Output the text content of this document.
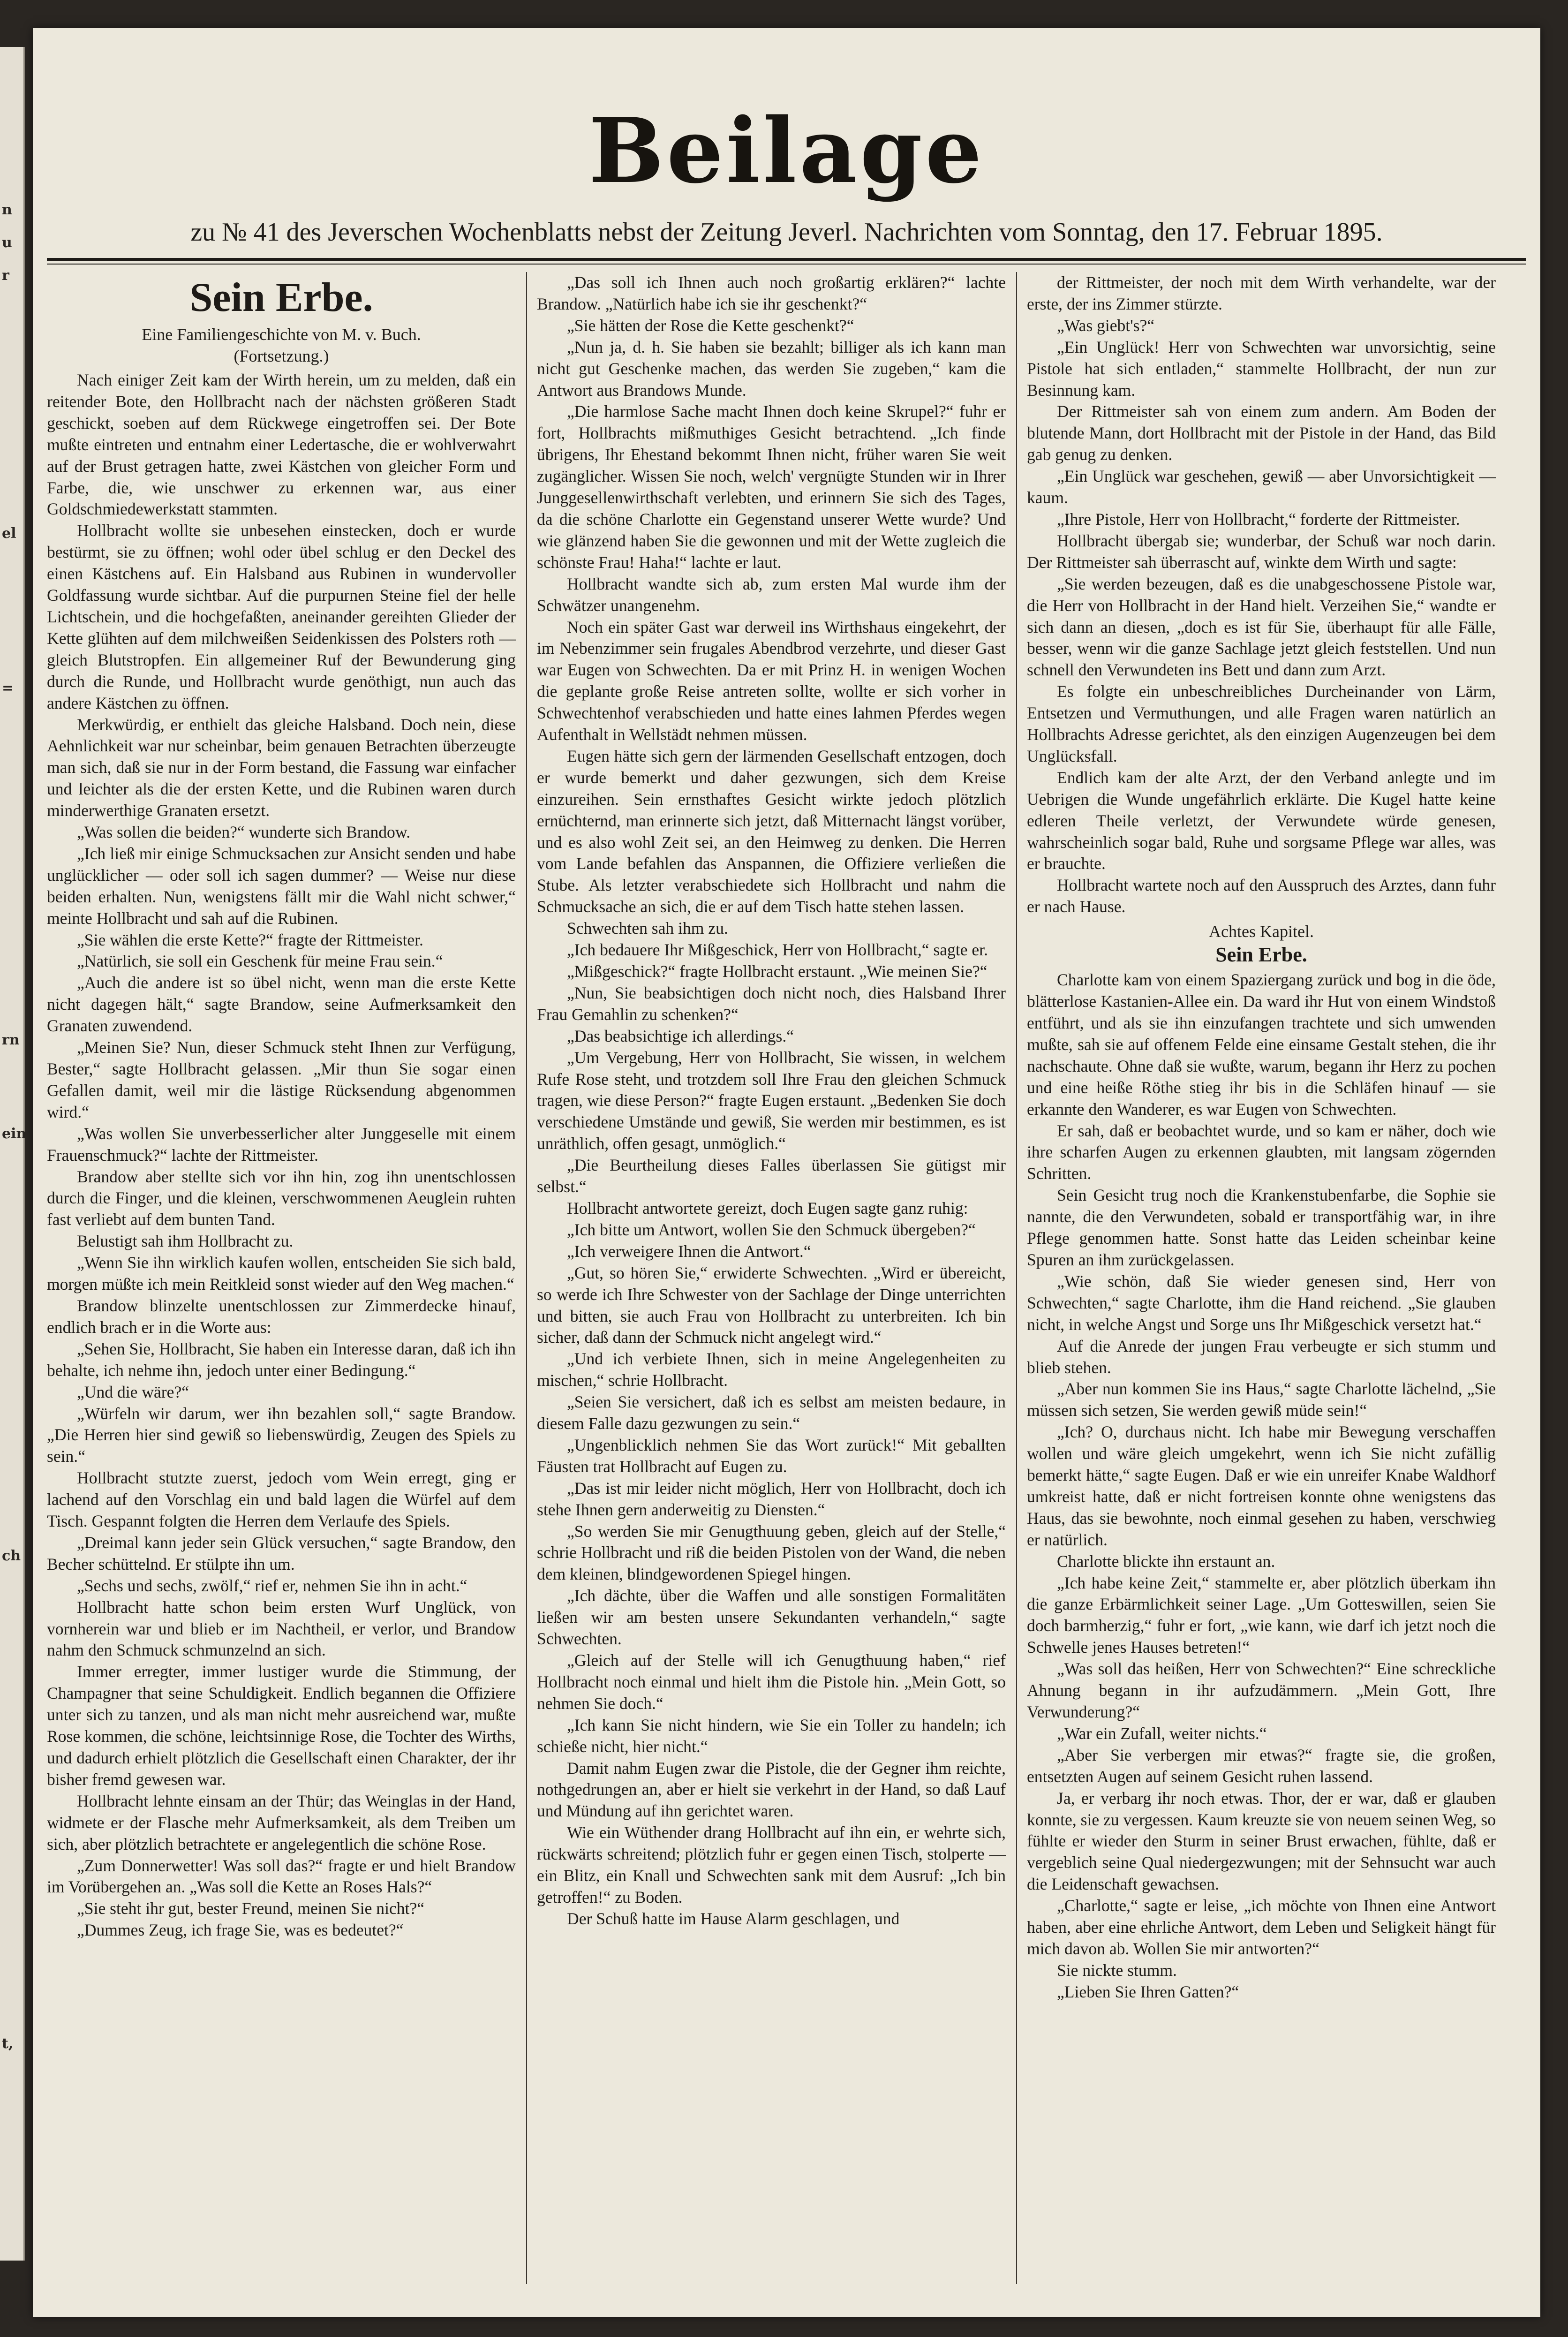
n
u
r
el
=
rn
ein
ch
t,
Beilage
zu № 41 des Jeverschen Wochenblatts nebst der Zeitung Jeverl. Nachrichten vom Sonntag, den 17. Februar 1895.

Sein Erbe.

Eine Familiengeschichte von M. v. Buch.

(Fortsetzung.)

Nach einiger Zeit kam der Wirth herein, um zu melden, daß ein reitender Bote, den Hollbracht nach der nächsten größeren Stadt geschickt, soeben auf dem Rückwege eingetroffen sei. Der Bote mußte eintreten und entnahm einer Ledertasche, die er wohlverwahrt auf der Brust getragen hatte, zwei Kästchen von gleicher Form und Farbe, die, wie unschwer zu erkennen war, aus einer Goldschmiedewerkstatt stammten.

Hollbracht wollte sie unbesehen einstecken, doch er wurde bestürmt, sie zu öffnen; wohl oder übel schlug er den Deckel des einen Kästchens auf. Ein Halsband aus Rubinen in wundervoller Goldfassung wurde sichtbar. Auf die purpurnen Steine fiel der helle Lichtschein, und die hochgefaßten, aneinander gereihten Glieder der Kette glühten auf dem milchweißen Seidenkissen des Polsters roth — gleich Blutstropfen. Ein allgemeiner Ruf der Bewunderung ging durch die Runde, und Hollbracht wurde genöthigt, nun auch das andere Kästchen zu öffnen.

Merkwürdig, er enthielt das gleiche Halsband. Doch nein, diese Aehnlichkeit war nur scheinbar, beim genauen Betrachten überzeugte man sich, daß sie nur in der Form bestand, die Fassung war einfacher und leichter als die der ersten Kette, und die Rubinen waren durch minderwerthige Granaten ersetzt.

„Was sollen die beiden?“ wunderte sich Brandow.

„Ich ließ mir einige Schmucksachen zur Ansicht senden und habe unglücklicher — oder soll ich sagen dummer? — Weise nur diese beiden erhalten. Nun, wenigstens fällt mir die Wahl nicht schwer,“ meinte Hollbracht und sah auf die Rubinen.

„Sie wählen die erste Kette?“ fragte der Rittmeister.

„Natürlich, sie soll ein Geschenk für meine Frau sein.“

„Auch die andere ist so übel nicht, wenn man die erste Kette nicht dagegen hält,“ sagte Brandow, seine Aufmerksamkeit den Granaten zuwendend.

„Meinen Sie? Nun, dieser Schmuck steht Ihnen zur Verfügung, Bester,“ sagte Hollbracht gelassen. „Mir thun Sie sogar einen Gefallen damit, weil mir die lästige Rücksendung abgenommen wird.“

„Was wollen Sie unverbesserlicher alter Junggeselle mit einem Frauenschmuck?“ lachte der Rittmeister.

Brandow aber stellte sich vor ihn hin, zog ihn unentschlossen durch die Finger, und die kleinen, verschwommenen Aeuglein ruhten fast verliebt auf dem bunten Tand.

Belustigt sah ihm Hollbracht zu.

„Wenn Sie ihn wirklich kaufen wollen, entscheiden Sie sich bald, morgen müßte ich mein Reitkleid sonst wieder auf den Weg machen.“

Brandow blinzelte unentschlossen zur Zimmerdecke hinauf, endlich brach er in die Worte aus:

„Sehen Sie, Hollbracht, Sie haben ein Interesse daran, daß ich ihn behalte, ich nehme ihn, jedoch unter einer Bedingung.“

„Und die wäre?“

„Würfeln wir darum, wer ihn bezahlen soll,“ sagte Brandow. „Die Herren hier sind gewiß so liebenswürdig, Zeugen des Spiels zu sein.“

Hollbracht stutzte zuerst, jedoch vom Wein erregt, ging er lachend auf den Vorschlag ein und bald lagen die Würfel auf dem Tisch. Gespannt folgten die Herren dem Verlaufe des Spiels.

„Dreimal kann jeder sein Glück versuchen,“ sagte Brandow, den Becher schüttelnd. Er stülpte ihn um.

„Sechs und sechs, zwölf,“ rief er, nehmen Sie ihn in acht.“

Hollbracht hatte schon beim ersten Wurf Unglück, von vornherein war und blieb er im Nachtheil, er verlor, und Brandow nahm den Schmuck schmunzelnd an sich.

Immer erregter, immer lustiger wurde die Stimmung, der Champagner that seine Schuldigkeit. Endlich begannen die Offiziere unter sich zu tanzen, und als man nicht mehr ausreichend war, mußte Rose kommen, die schöne, leichtsinnige Rose, die Tochter des Wirths, und dadurch erhielt plötzlich die Gesellschaft einen Charakter, der ihr bisher fremd gewesen war.

Hollbracht lehnte einsam an der Thür; das Weinglas in der Hand, widmete er der Flasche mehr Aufmerksamkeit, als dem Treiben um sich, aber plötzlich betrachtete er angelegentlich die schöne Rose.

„Zum Donnerwetter! Was soll das?“ fragte er und hielt Brandow im Vorübergehen an. „Was soll die Kette an Roses Hals?“

„Sie steht ihr gut, bester Freund, meinen Sie nicht?“

„Dummes Zeug, ich frage Sie, was es bedeutet?“

„Das soll ich Ihnen auch noch großartig erklären?“ lachte Brandow. „Natürlich habe ich sie ihr geschenkt?“

„Sie hätten der Rose die Kette geschenkt?“

„Nun ja, d. h. Sie haben sie bezahlt; billiger als ich kann man nicht gut Geschenke machen, das werden Sie zugeben,“ kam die Antwort aus Brandows Munde.

„Die harmlose Sache macht Ihnen doch keine Skrupel?“ fuhr er fort, Hollbrachts mißmuthiges Gesicht betrachtend. „Ich finde übrigens, Ihr Ehestand bekommt Ihnen nicht, früher waren Sie weit zugänglicher. Wissen Sie noch, welch' vergnügte Stunden wir in Ihrer Junggesellenwirthschaft verlebten, und erinnern Sie sich des Tages, da die schöne Charlotte ein Gegenstand unserer Wette wurde? Und wie glänzend haben Sie die gewonnen und mit der Wette zugleich die schönste Frau! Haha!“ lachte er laut.

Hollbracht wandte sich ab, zum ersten Mal wurde ihm der Schwätzer unangenehm.

Noch ein später Gast war derweil ins Wirthshaus eingekehrt, der im Nebenzimmer sein frugales Abendbrod verzehrte, und dieser Gast war Eugen von Schwechten. Da er mit Prinz H. in wenigen Wochen die geplante große Reise antreten sollte, wollte er sich vorher in Schwechtenhof verabschieden und hatte eines lahmen Pferdes wegen Aufenthalt in Wellstädt nehmen müssen.

Eugen hätte sich gern der lärmenden Gesellschaft entzogen, doch er wurde bemerkt und daher gezwungen, sich dem Kreise einzureihen. Sein ernsthaftes Gesicht wirkte jedoch plötzlich ernüchternd, man erinnerte sich jetzt, daß Mitternacht längst vorüber, und es also wohl Zeit sei, an den Heimweg zu denken. Die Herren vom Lande befahlen das Anspannen, die Offiziere verließen die Stube. Als letzter verabschiedete sich Hollbracht und nahm die Schmucksache an sich, die er auf dem Tisch hatte stehen lassen.

Schwechten sah ihm zu.

„Ich bedauere Ihr Mißgeschick, Herr von Hollbracht,“ sagte er.

„Mißgeschick?“ fragte Hollbracht erstaunt. „Wie meinen Sie?“

„Nun, Sie beabsichtigen doch nicht noch, dies Halsband Ihrer Frau Gemahlin zu schenken?“

„Das beabsichtige ich allerdings.“

„Um Vergebung, Herr von Hollbracht, Sie wissen, in welchem Rufe Rose steht, und trotzdem soll Ihre Frau den gleichen Schmuck tragen, wie diese Person?“ fragte Eugen erstaunt. „Bedenken Sie doch verschiedene Umstände und gewiß, Sie werden mir bestimmen, es ist unräthlich, offen gesagt, unmöglich.“

„Die Beurtheilung dieses Falles überlassen Sie gütigst mir selbst.“

Hollbracht antwortete gereizt, doch Eugen sagte ganz ruhig:

„Ich bitte um Antwort, wollen Sie den Schmuck übergeben?“

„Ich verweigere Ihnen die Antwort.“

„Gut, so hören Sie,“ erwiderte Schwechten. „Wird er übereicht, so werde ich Ihre Schwester von der Sachlage der Dinge unterrichten und bitten, sie auch Frau von Hollbracht zu unterbreiten. Ich bin sicher, daß dann der Schmuck nicht angelegt wird.“

„Und ich verbiete Ihnen, sich in meine Angelegenheiten zu mischen,“ schrie Hollbracht.

„Seien Sie versichert, daß ich es selbst am meisten bedaure, in diesem Falle dazu gezwungen zu sein.“

„Ungenblicklich nehmen Sie das Wort zurück!“ Mit geballten Fäusten trat Hollbracht auf Eugen zu.

„Das ist mir leider nicht möglich, Herr von Hollbracht, doch ich stehe Ihnen gern anderweitig zu Diensten.“

„So werden Sie mir Genugthuung geben, gleich auf der Stelle,“ schrie Hollbracht und riß die beiden Pistolen von der Wand, die neben dem kleinen, blindgewordenen Spiegel hingen.

„Ich dächte, über die Waffen und alle sonstigen Formalitäten ließen wir am besten unsere Sekundanten verhandeln,“ sagte Schwechten.

„Gleich auf der Stelle will ich Genugthuung haben,“ rief Hollbracht noch einmal und hielt ihm die Pistole hin. „Mein Gott, so nehmen Sie doch.“

„Ich kann Sie nicht hindern, wie Sie ein Toller zu handeln; ich schieße nicht, hier nicht.“

Damit nahm Eugen zwar die Pistole, die der Gegner ihm reichte, nothgedrungen an, aber er hielt sie verkehrt in der Hand, so daß Lauf und Mündung auf ihn gerichtet waren.

Wie ein Wüthender drang Hollbracht auf ihn ein, er wehrte sich, rückwärts schreitend; plötzlich fuhr er gegen einen Tisch, stolperte — ein Blitz, ein Knall und Schwechten sank mit dem Ausruf: „Ich bin getroffen!“ zu Boden.

Der Schuß hatte im Hause Alarm geschlagen, und

der Rittmeister, der noch mit dem Wirth verhandelte, war der erste, der ins Zimmer stürzte.

„Was giebt's?“

„Ein Unglück! Herr von Schwechten war unvorsichtig, seine Pistole hat sich entladen,“ stammelte Hollbracht, der nun zur Besinnung kam.

Der Rittmeister sah von einem zum andern. Am Boden der blutende Mann, dort Hollbracht mit der Pistole in der Hand, das Bild gab genug zu denken.

„Ein Unglück war geschehen, gewiß — aber Unvorsichtigkeit — kaum.

„Ihre Pistole, Herr von Hollbracht,“ forderte der Rittmeister.

Hollbracht übergab sie; wunderbar, der Schuß war noch darin. Der Rittmeister sah überrascht auf, winkte dem Wirth und sagte:

„Sie werden bezeugen, daß es die unabgeschossene Pistole war, die Herr von Hollbracht in der Hand hielt. Verzeihen Sie,“ wandte er sich dann an diesen, „doch es ist für Sie, überhaupt für alle Fälle, besser, wenn wir die ganze Sachlage jetzt gleich feststellen. Und nun schnell den Verwundeten ins Bett und dann zum Arzt.

Es folgte ein unbeschreibliches Durcheinander von Lärm, Entsetzen und Vermuthungen, und alle Fragen waren natürlich an Hollbrachts Adresse gerichtet, als den einzigen Augenzeugen bei dem Unglücksfall.

Endlich kam der alte Arzt, der den Verband anlegte und im Uebrigen die Wunde ungefährlich erklärte. Die Kugel hatte keine edleren Theile verletzt, der Verwundete würde genesen, wahrscheinlich sogar bald, Ruhe und sorgsame Pflege war alles, was er brauchte.

Hollbracht wartete noch auf den Ausspruch des Arztes, dann fuhr er nach Hause.

Achtes Kapitel.

Sein Erbe.

Charlotte kam von einem Spaziergang zurück und bog in die öde, blätterlose Kastanien-Allee ein. Da ward ihr Hut von einem Windstoß entführt, und als sie ihn einzufangen trachtete und sich umwenden mußte, sah sie auf offenem Felde eine einsame Gestalt stehen, die ihr nachschaute. Ohne daß sie wußte, warum, begann ihr Herz zu pochen und eine heiße Röthe stieg ihr bis in die Schläfen hinauf — sie erkannte den Wanderer, es war Eugen von Schwechten.

Er sah, daß er beobachtet wurde, und so kam er näher, doch wie ihre scharfen Augen zu erkennen glaubten, mit langsam zögernden Schritten.

Sein Gesicht trug noch die Krankenstubenfarbe, die Sophie sie nannte, die den Verwundeten, sobald er transportfähig war, in ihre Pflege genommen hatte. Sonst hatte das Leiden scheinbar keine Spuren an ihm zurückgelassen.

„Wie schön, daß Sie wieder genesen sind, Herr von Schwechten,“ sagte Charlotte, ihm die Hand reichend. „Sie glauben nicht, in welche Angst und Sorge uns Ihr Mißgeschick versetzt hat.“

Auf die Anrede der jungen Frau verbeugte er sich stumm und blieb stehen.

„Aber nun kommen Sie ins Haus,“ sagte Charlotte lächelnd, „Sie müssen sich setzen, Sie werden gewiß müde sein!“

„Ich? O, durchaus nicht. Ich habe mir Bewegung verschaffen wollen und wäre gleich umgekehrt, wenn ich Sie nicht zufällig bemerkt hätte,“ sagte Eugen. Daß er wie ein unreifer Knabe Waldhorf umkreist hatte, daß er nicht fortreisen konnte ohne wenigstens das Haus, das sie bewohnte, noch einmal gesehen zu haben, verschwieg er natürlich.

Charlotte blickte ihn erstaunt an.

„Ich habe keine Zeit,“ stammelte er, aber plötzlich überkam ihn die ganze Erbärmlichkeit seiner Lage. „Um Gotteswillen, seien Sie doch barmherzig,“ fuhr er fort, „wie kann, wie darf ich jetzt noch die Schwelle jenes Hauses betreten!“

„Was soll das heißen, Herr von Schwechten?“ Eine schreckliche Ahnung begann in ihr aufzudämmern. „Mein Gott, Ihre Verwunderung?“

„War ein Zufall, weiter nichts.“

„Aber Sie verbergen mir etwas?“ fragte sie, die großen, entsetzten Augen auf seinem Gesicht ruhen lassend.

Ja, er verbarg ihr noch etwas. Thor, der er war, daß er glauben konnte, sie zu vergessen. Kaum kreuzte sie von neuem seinen Weg, so fühlte er wieder den Sturm in seiner Brust erwachen, fühlte, daß er vergeblich seine Qual niedergezwungen; mit der Sehnsucht war auch die Leidenschaft gewachsen.

„Charlotte,“ sagte er leise, „ich möchte von Ihnen eine Antwort haben, aber eine ehrliche Antwort, dem Leben und Seligkeit hängt für mich davon ab. Wollen Sie mir antworten?“

Sie nickte stumm.

„Lieben Sie Ihren Gatten?“
